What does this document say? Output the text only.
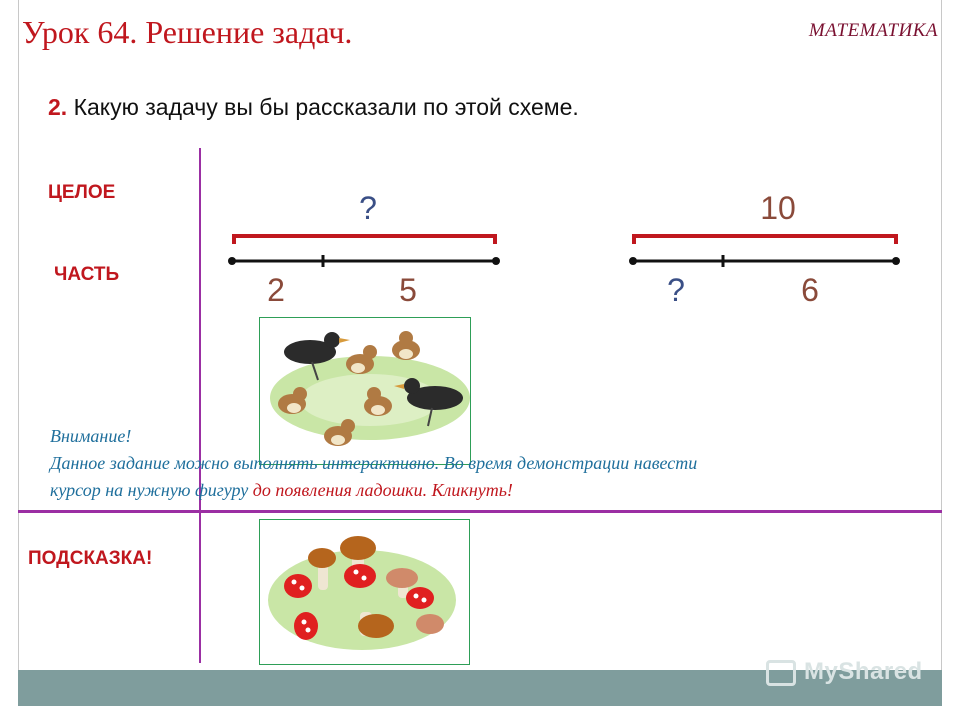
Урок 64. Решение задач.	МАТЕМАТИКА
2. Какую задачу вы бы рассказали по этой схеме.
ЦЕЛОЕ
ЧАСТЬ
ПОДСКАЗКА!
?
2	5
10
?	6
Внимание!
Данное задание можно выполнять интерактивно. Во время демонстрации навести
курсор на нужную фигуру до появления ладошки. Кликнуть!
MyShared
